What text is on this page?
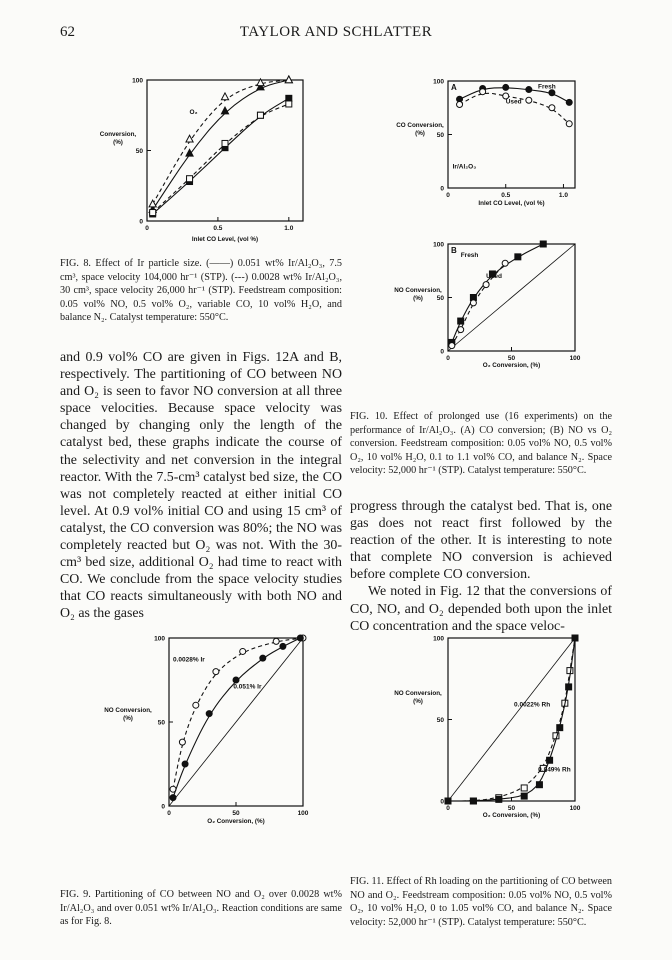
62	TAYLOR AND SCHLATTER
0	0.5	1.0
0
50
100
Inlet CO Level, (vol %)
Conversion,
(%)
O₂
0	0.5	1.0
0
50
100
Inlet CO Level, (vol %)
CO Conversion,
(%)
A	Fresh
Used
Ir/Al₂O₃
0	50	100
0
50
100
O₂ Conversion, (%)
NO Conversion,
(%)
B
Fresh
Used
0	50	100
0
50
100
O₂ Conversion, (%)
NO Conversion,
(%)
0.0028% Ir
0.051% Ir
0	50	100
0
50
100
O₂ Conversion, (%)
NO Conversion,
(%)	0.0022% Rh
0.049% Rh
FIG. 8. Effect of Ir particle size. (——) 0.051 wt% Ir/Al₂O₃, 7.5 cm³, space velocity 104,000 hr⁻¹ (STP). (---) 0.0028 wt% Ir/Al₂O₃, 30 cm³, space velocity 26,000 hr⁻¹ (STP). Feedstream composition: 0.05 vol% NO, 0.5 vol% O₂, variable CO, 10 vol% H₂O, and balance N₂. Catalyst temperature: 550°C.
FIG. 10. Effect of prolonged use (16 experiments) on the performance of Ir/Al₂O₃. (A) CO conversion; (B) NO vs O₂ conversion. Feedstream composition: 0.05 vol% NO, 0.5 vol% O₂, 10 vol% H₂O, 0.1 to 1.1 vol% CO, and balance N₂. Space velocity: 52,000 hr⁻¹ (STP). Catalyst temperature: 550°C.
FIG. 9. Partitioning of CO between NO and O₂ over 0.0028 wt% Ir/Al₂O₃ and over 0.051 wt% Ir/Al₂O₃. Reaction conditions are same as for Fig. 8.
FIG. 11. Effect of Rh loading on the partitioning of CO between NO and O₂. Feedstream composition: 0.05 vol% NO, 0.5 vol% O₂, 10 vol% H₂O, 0 to 1.05 vol% CO, and balance N₂. Space velocity: 52,000 hr⁻¹ (STP). Catalyst temperature: 550°C.

and 0.9 vol% CO are given in Figs. 12A and B, respectively. The partitioning of CO between NO and O₂ is seen to favor NO conversion at all three space velocities. Because space velocity was changed by changing only the length of the catalyst bed, these graphs indicate the course of the selectivity and net conversion in the integral reactor. With the 7.5-cm³ catalyst bed size, the CO was not completely reacted at either initial CO level. At 0.9 vol% initial CO and using 15 cm³ of catalyst, the CO conversion was 80%; the NO was completely reacted but O₂ was not. With the 30-cm³ bed size, additional O₂ had time to react with CO. We conclude from the space velocity studies that CO reacts simultaneously with both NO and O₂ as the gases

progress through the catalyst bed. That is, one gas does not react first followed by the reaction of the other. It is interesting to note that complete NO conversion is achieved before complete CO conversion.

We noted in Fig. 12 that the conversions of CO, NO, and O₂ depended both upon the inlet CO concentration and the space veloc-
